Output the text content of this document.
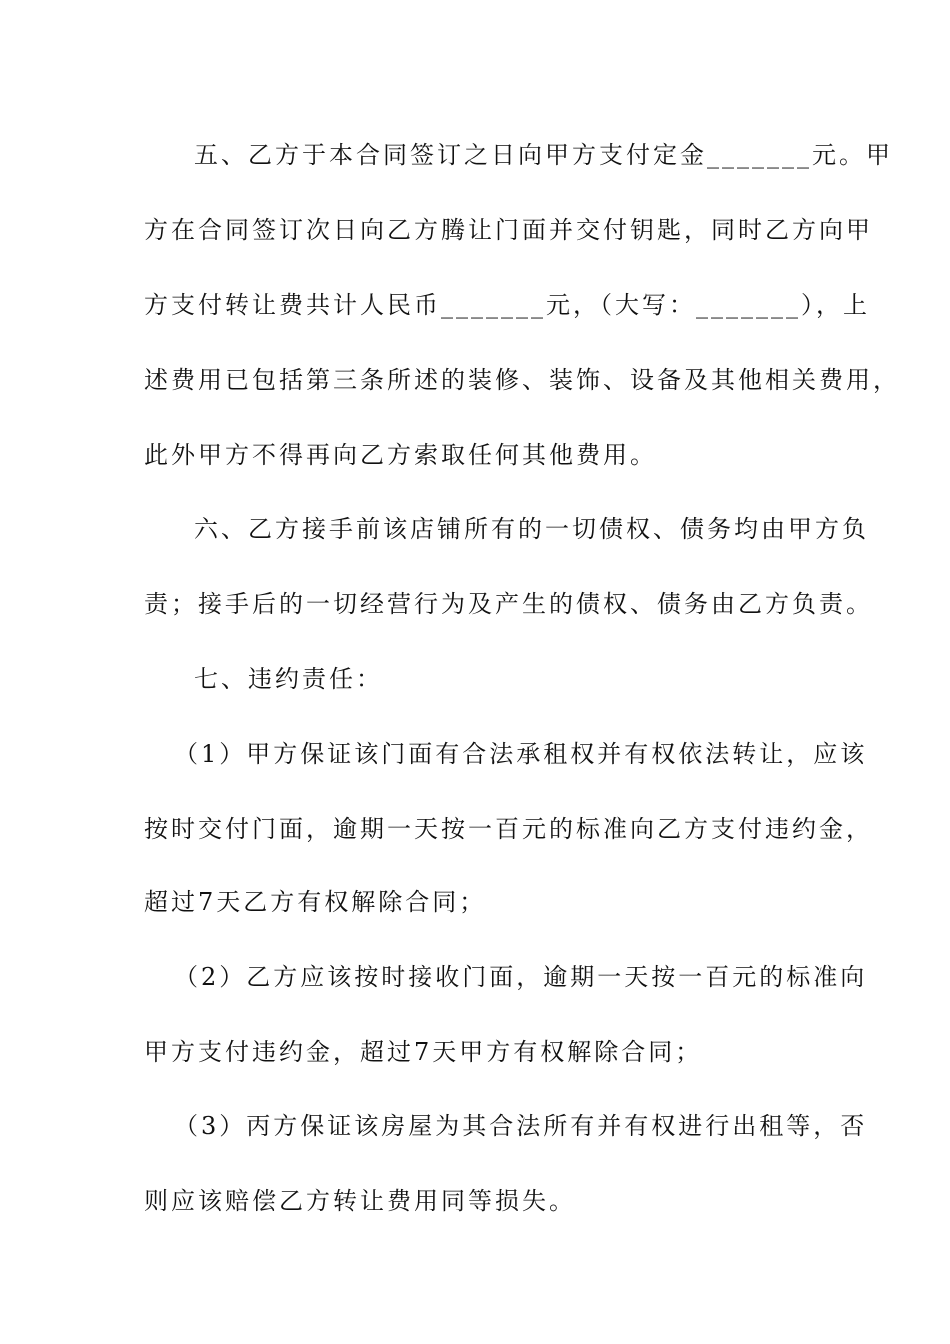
五、乙方于本合同签订之日向甲方支付定金_______元。甲
方在合同签订次日向乙方腾让门面并交付钥匙，同时乙方向甲
方支付转让费共计人民币_______元，（大写：_______），上
述费用已包括第三条所述的装修、装饰、设备及其他相关费用，
此外甲方不得再向乙方索取任何其他费用。
六、乙方接手前该店铺所有的一切债权、债务均由甲方负
责；接手后的一切经营行为及产生的债权、债务由乙方负责。
七、违约责任：
（1）甲方保证该门面有合法承租权并有权依法转让，应该
按时交付门面，逾期一天按一百元的标准向乙方支付违约金，
超过7天乙方有权解除合同；
（2）乙方应该按时接收门面，逾期一天按一百元的标准向
甲方支付违约金，超过7天甲方有权解除合同；
（3）丙方保证该房屋为其合法所有并有权进行出租等，否
则应该赔偿乙方转让费用同等损失。
